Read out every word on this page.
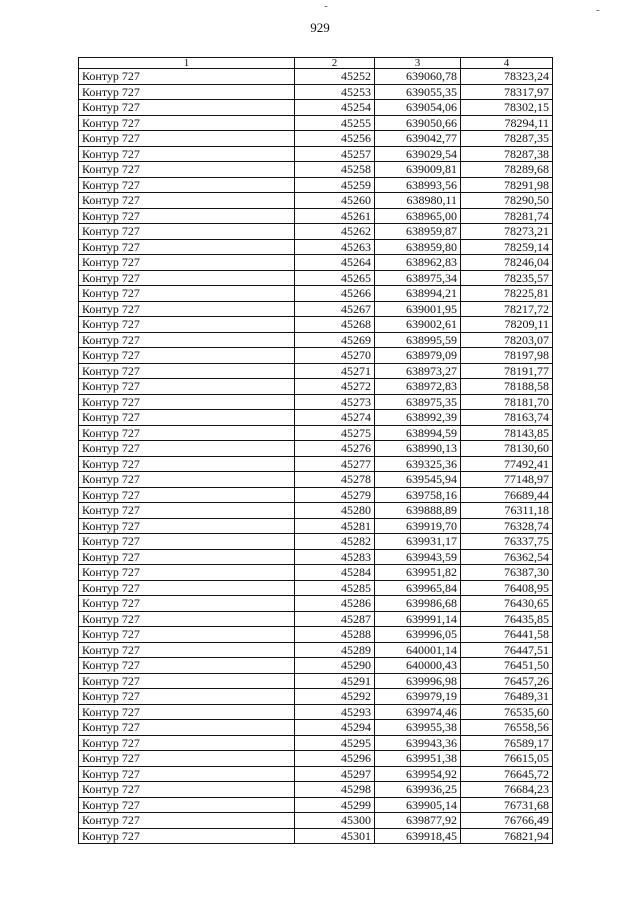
-	-
929
1	2	3	4
Контур 727	45252	639060,78	78323,24
Контур 727	45253	639055,35	78317,97
Контур 727	45254	639054,06	78302,15
Контур 727	45255	639050,66	78294,11
Контур 727	45256	639042,77	78287,35
Контур 727	45257	639029,54	78287,38
Контур 727	45258	639009,81	78289,68
Контур 727	45259	638993,56	78291,98
Контур 727	45260	638980,11	78290,50
Контур 727	45261	638965,00	78281,74
Контур 727	45262	638959,87	78273,21
Контур 727	45263	638959,80	78259,14
Контур 727	45264	638962,83	78246,04
Контур 727	45265	638975,34	78235,57
Контур 727	45266	638994,21	78225,81
Контур 727	45267	639001,95	78217,72
Контур 727	45268	639002,61	78209,11
Контур 727	45269	638995,59	78203,07
Контур 727	45270	638979,09	78197,98
Контур 727	45271	638973,27	78191,77
Контур 727	45272	638972,83	78188,58
Контур 727	45273	638975,35	78181,70
Контур 727	45274	638992,39	78163,74
Контур 727	45275	638994,59	78143,85
Контур 727	45276	638990,13	78130,60
Контур 727	45277	639325,36	77492,41
Контур 727	45278	639545,94	77148,97
Контур 727	45279	639758,16	76689,44
Контур 727	45280	639888,89	76311,18
Контур 727	45281	639919,70	76328,74
Контур 727	45282	639931,17	76337,75
Контур 727	45283	639943,59	76362,54
Контур 727	45284	639951,82	76387,30
Контур 727	45285	639965,84	76408,95
Контур 727	45286	639986,68	76430,65
Контур 727	45287	639991,14	76435,85
Контур 727	45288	639996,05	76441,58
Контур 727	45289	640001,14	76447,51
Контур 727	45290	640000,43	76451,50
Контур 727	45291	639996,98	76457,26
Контур 727	45292	639979,19	76489,31
Контур 727	45293	639974,46	76535,60
Контур 727	45294	639955,38	76558,56
Контур 727	45295	639943,36	76589,17
Контур 727	45296	639951,38	76615,05
Контур 727	45297	639954,92	76645,72
Контур 727	45298	639936,25	76684,23
Контур 727	45299	639905,14	76731,68
Контур 727	45300	639877,92	76766,49
Контур 727	45301	639918,45	76821,94
